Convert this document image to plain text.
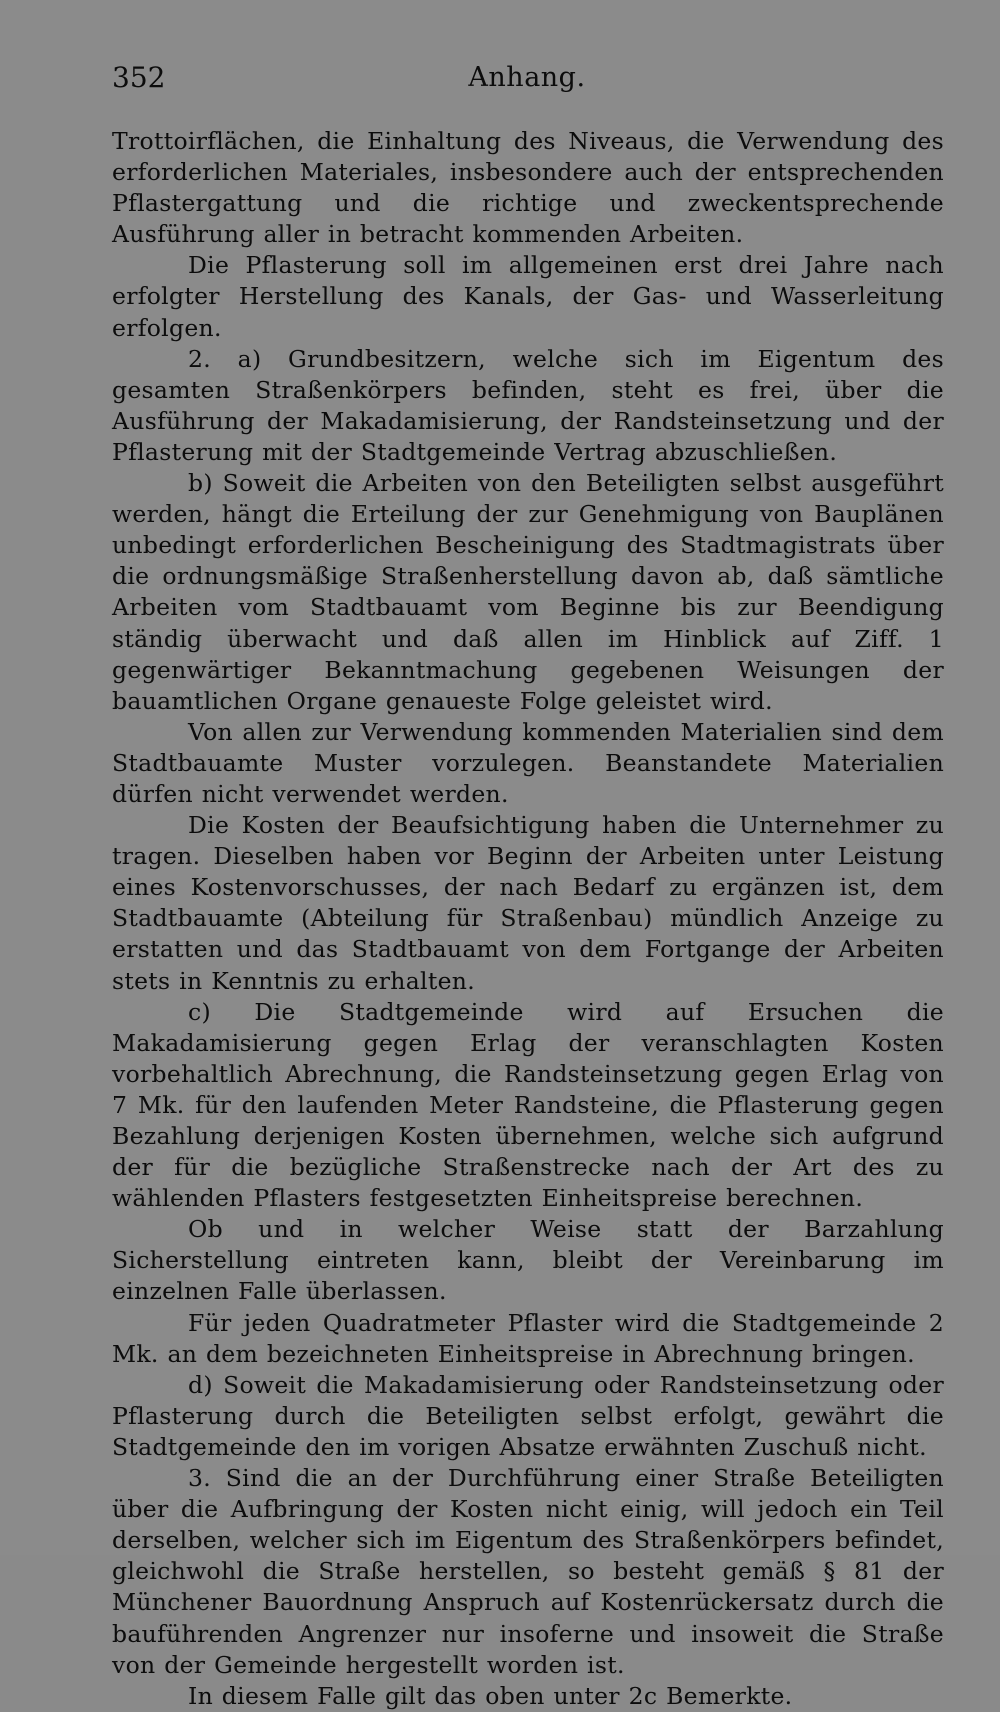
352	Anhang.

Trottoirflächen, die Einhaltung des Niveaus, die Verwendung des erforderlichen Materiales, insbesondere auch der entsprechenden Pflastergattung und die richtige und zweckentsprechende Ausführung aller in betracht kommenden Arbeiten.

Die Pflasterung soll im allgemeinen erst drei Jahre nach erfolgter Herstellung des Kanals, der Gas- und Wasserleitung erfolgen.

2. a) Grundbesitzern, welche sich im Eigentum des gesamten Straßenkörpers befinden, steht es frei, über die Ausführung der Makadamisierung, der Randsteinsetzung und der Pflasterung mit der Stadtgemeinde Vertrag abzuschließen.

b) Soweit die Arbeiten von den Beteiligten selbst ausgeführt werden, hängt die Erteilung der zur Genehmigung von Bauplänen unbedingt erforderlichen Bescheinigung des Stadtmagistrats über die ordnungsmäßige Straßenherstellung davon ab, daß sämtliche Arbeiten vom Stadtbauamt vom Beginne bis zur Beendigung ständig überwacht und daß allen im Hinblick auf Ziff. 1 gegenwärtiger Bekanntmachung gegebenen Weisungen der bauamtlichen Organe genaueste Folge geleistet wird.

Von allen zur Verwendung kommenden Materialien sind dem Stadtbauamte Muster vorzulegen. Beanstandete Materialien dürfen nicht verwendet werden.

Die Kosten der Beaufsichtigung haben die Unternehmer zu tragen. Dieselben haben vor Beginn der Arbeiten unter Leistung eines Kostenvorschusses, der nach Bedarf zu ergänzen ist, dem Stadtbauamte (Abteilung für Straßenbau) mündlich Anzeige zu erstatten und das Stadtbauamt von dem Fortgange der Arbeiten stets in Kenntnis zu erhalten.

c) Die Stadtgemeinde wird auf Ersuchen die Makadamisierung gegen Erlag der veranschlagten Kosten vorbehaltlich Abrechnung, die Randsteinsetzung gegen Erlag von 7 Mk. für den laufenden Meter Randsteine, die Pflasterung gegen Bezahlung derjenigen Kosten übernehmen, welche sich aufgrund der für die bezügliche Straßenstrecke nach der Art des zu wählenden Pflasters festgesetzten Einheitspreise berechnen.

Ob und in welcher Weise statt der Barzahlung Sicherstellung eintreten kann, bleibt der Vereinbarung im einzelnen Falle überlassen.

Für jeden Quadratmeter Pflaster wird die Stadtgemeinde 2 Mk. an dem bezeichneten Einheitspreise in Abrechnung bringen.

d) Soweit die Makadamisierung oder Randsteinsetzung oder Pflasterung durch die Beteiligten selbst erfolgt, gewährt die Stadtgemeinde den im vorigen Absatze erwähnten Zuschuß nicht.

3. Sind die an der Durchführung einer Straße Beteiligten über die Aufbringung der Kosten nicht einig, will jedoch ein Teil derselben, welcher sich im Eigentum des Straßenkörpers befindet, gleichwohl die Straße herstellen, so besteht gemäß § 81 der Münchener Bauordnung Anspruch auf Kostenrückersatz durch die bauführenden Angrenzer nur insoferne und insoweit die Straße von der Gemeinde hergestellt worden ist.

In diesem Falle gilt das oben unter 2c Bemerkte.
